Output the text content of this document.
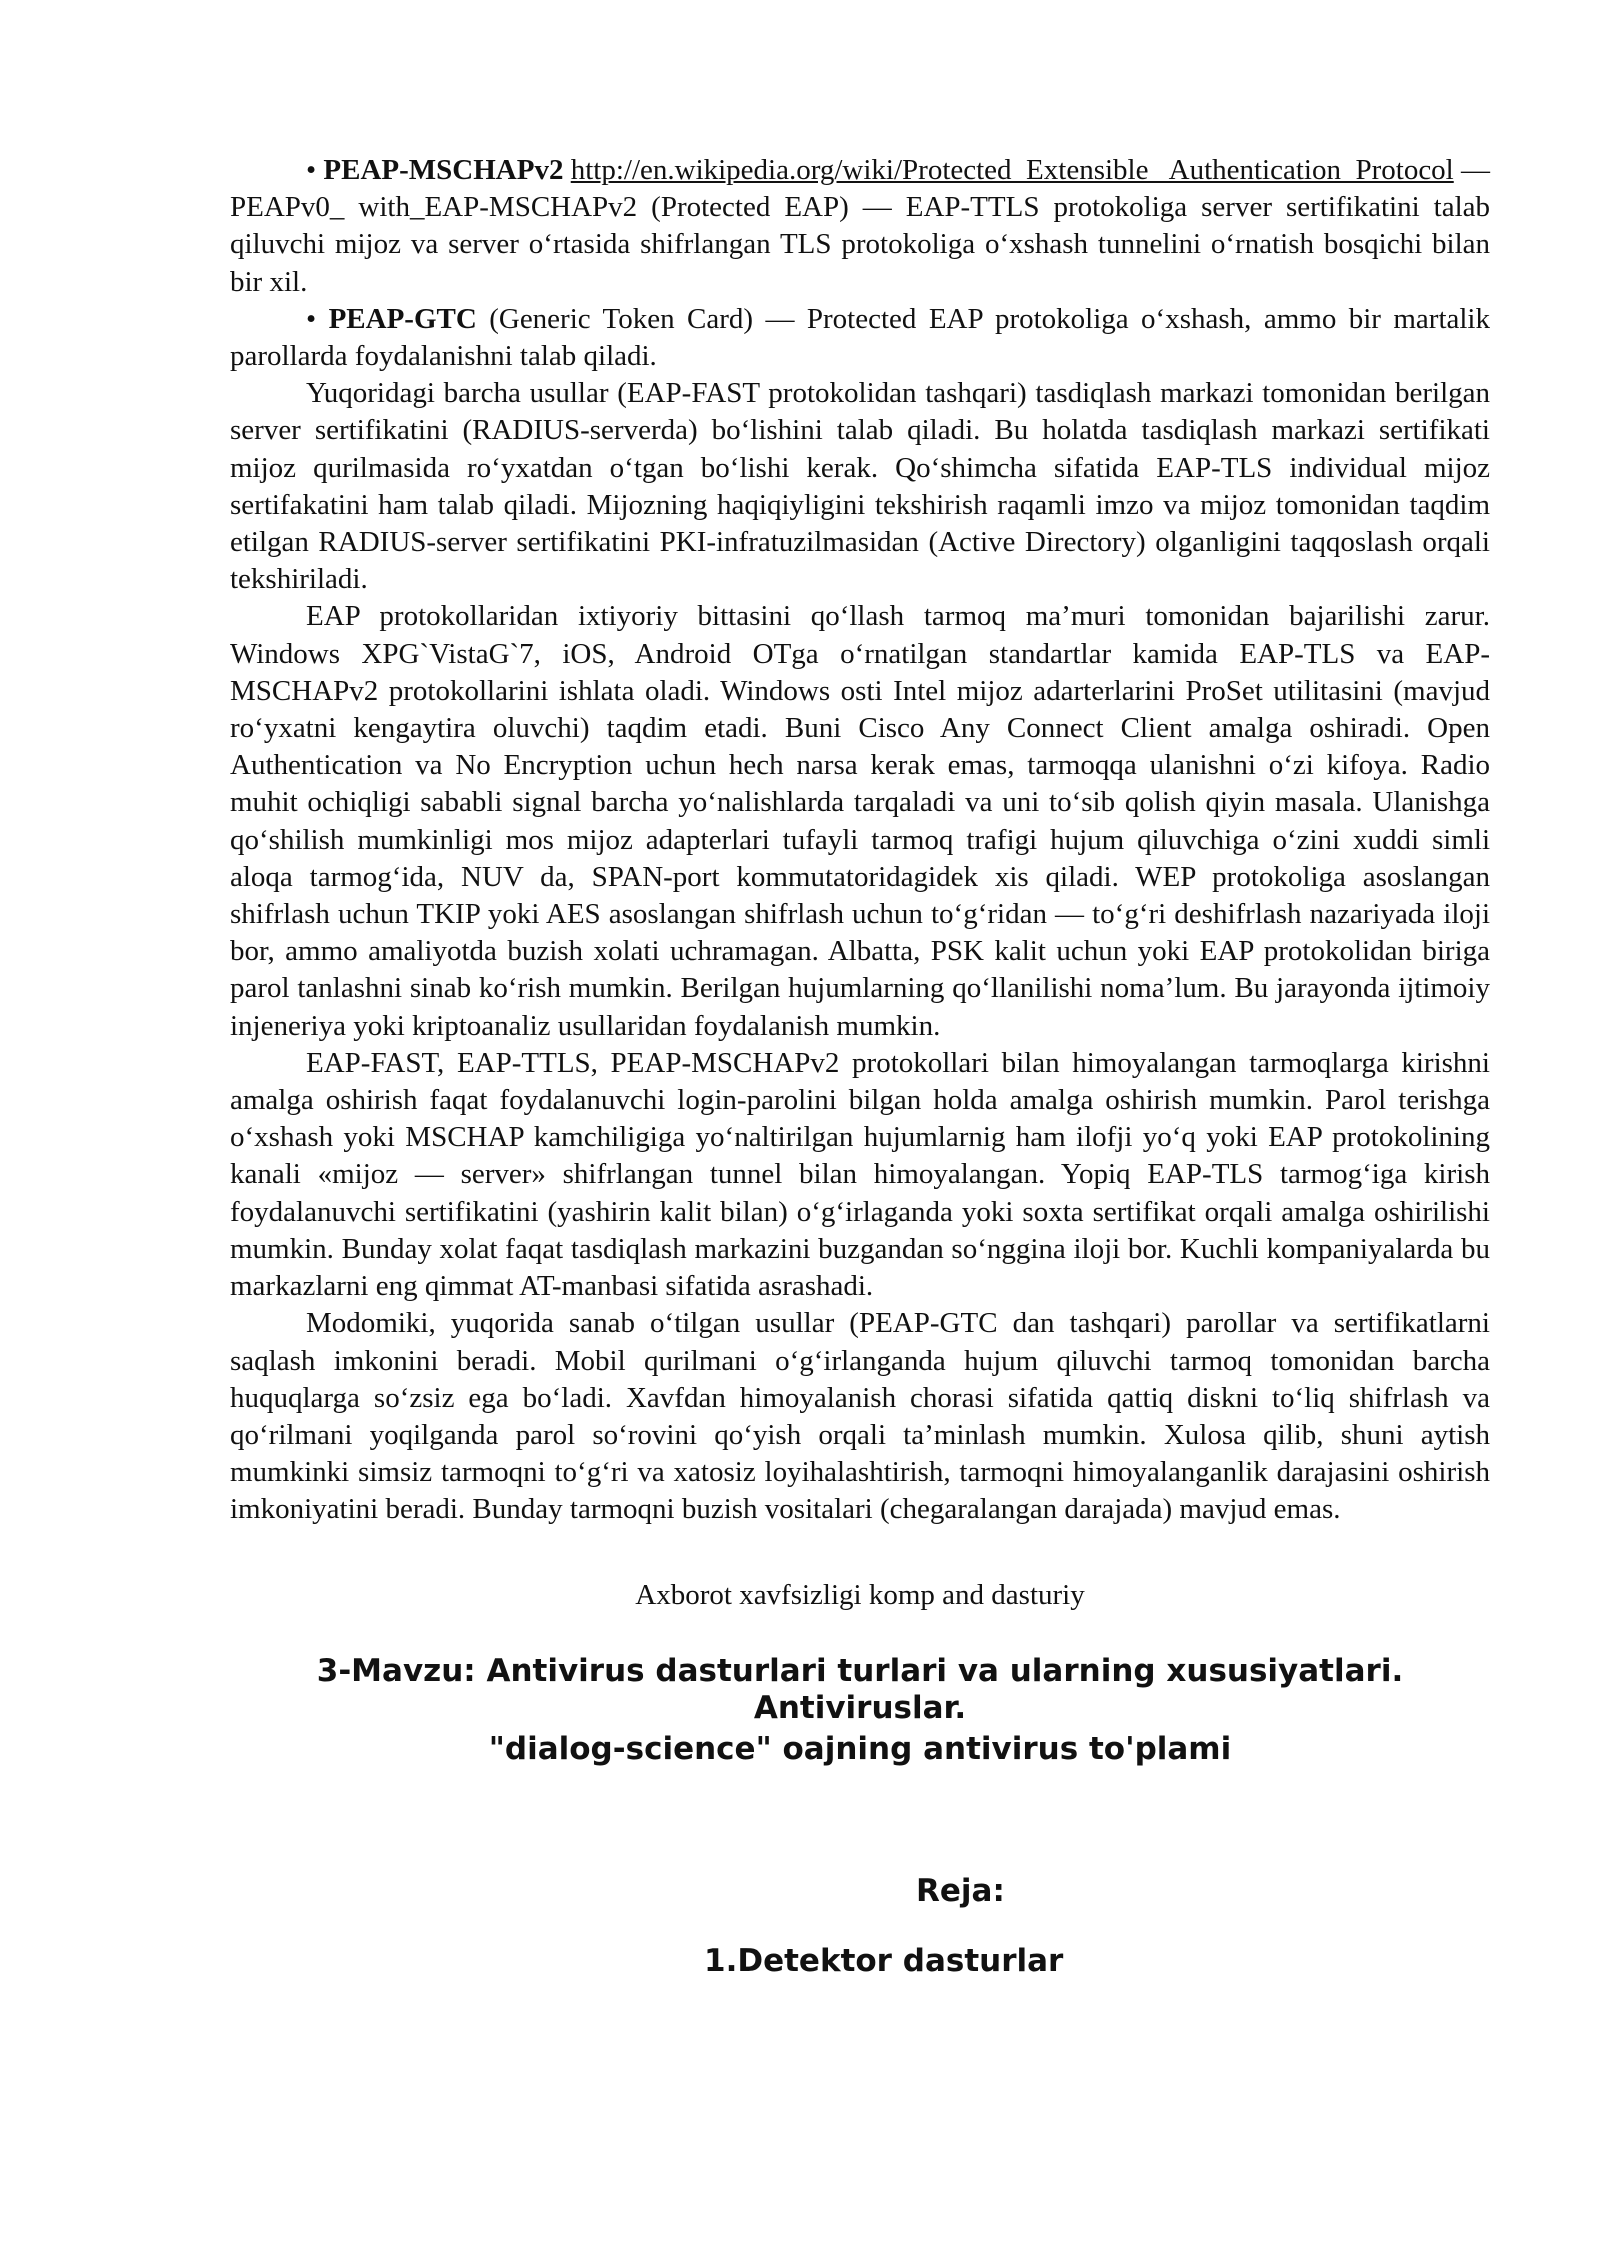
• PEAP-MSCHAPv2 http://en.wikipedia.org/wiki/Protected_Extensible_ Authentication_Protocol — PEAPv0_ with_EAP-MSCHAPv2 (Protected EAP) — EAP-TTLS protokoliga server sertifikatini talab qiluvchi mijoz va server oʻrtasida shifrlangan TLS protokoliga oʻxshash tunnelini oʻrnatish bosqichi bilan bir xil.

• PEAP-GTC (Generic Token Card) — Protected EAP protokoliga oʻxshash, ammo bir martalik parollarda foydalanishni talab qiladi.

Yuqoridagi barcha usullar (EAP-FAST protokolidan tashqari) tasdiqlash markazi tomonidan berilgan server sertifikatini (RADIUS-serverda) boʻlishini talab qiladi. Bu holatda tasdiqlash markazi sertifikati mijoz qurilmasida roʻyxatdan oʻtgan boʻlishi kerak. Qoʻshimcha sifatida EAP-TLS individual mijoz sertifakatini ham talab qiladi. Mijozning haqiqiyligini tekshirish raqamli imzo va mijoz tomonidan taqdim etilgan RADIUS-server sertifikatini PKI-infratuzilmasidan (Active Directory) olganligini taqqoslash orqali tekshiriladi.

EAP protokollaridan ixtiyoriy bittasini qoʻllash tarmoq ma’muri tomonidan bajarilishi zarur. Windows XPG`VistaG`7, iOS, Android OTga oʻrnatilgan standartlar kamida EAP-TLS va EAP-MSCHAPv2 protokollarini ishlata oladi. Windows osti Intel mijoz adarterlarini ProSet utilitasini (mavjud roʻyxatni kengaytira oluvchi) taqdim etadi. Buni Cisco Any Connect Client amalga oshiradi. Open Authentication va No Encryption uchun hech narsa kerak emas, tarmoqqa ulanishni oʻzi kifoya. Radio muhit ochiqligi sababli signal barcha yoʻnalishlarda tarqaladi va uni toʻsib qolish qiyin masala. Ulanishga qoʻshilish mumkinligi mos mijoz adapterlari tufayli tarmoq trafigi hujum qiluvchiga oʻzini xuddi simli aloqa tarmogʻida, NUV da, SPAN-port kommutatoridagidek xis qiladi. WEP protokoliga asoslangan shifrlash uchun TKIP yoki AES asoslangan shifrlash uchun toʻgʻridan — toʻgʻri deshifrlash nazariyada iloji bor, ammo amaliyotda buzish xolati uchramagan. Albatta, PSK kalit uchun yoki EAP protokolidan biriga parol tanlashni sinab koʻrish mumkin. Berilgan hujumlarning qoʻllanilishi noma’lum. Bu jarayonda ijtimoiy injeneriya yoki kriptoanaliz usullaridan foydalanish mumkin.

EAP-FAST, EAP-TTLS, PEAP-MSCHAPv2 protokollari bilan himoyalangan tarmoqlarga kirishni amalga oshirish faqat foydalanuvchi login-parolini bilgan holda amalga oshirish mumkin. Parol terishga oʻxshash yoki MSCHAP kamchiligiga yoʻnaltirilgan hujumlarnig ham ilofji yoʻq yoki EAP protokolining kanali «mijoz — server» shifrlangan tunnel bilan himoyalangan. Yopiq EAP-TLS tarmogʻiga kirish foydalanuvchi sertifikatini (yashirin kalit bilan) oʻgʻirlaganda yoki soxta sertifikat orqali amalga oshirilishi mumkin. Bunday xolat faqat tasdiqlash markazini buzgandan soʻnggina iloji bor. Kuchli kompaniyalarda bu markazlarni eng qimmat AT-manbasi sifatida asrashadi.

Modomiki, yuqorida sanab oʻtilgan usullar (PEAP-GTC dan tashqari) parollar va sertifikatlarni saqlash imkonini beradi. Mobil qurilmani oʻgʻirlanganda hujum qiluvchi tarmoq tomonidan barcha huquqlarga soʻzsiz ega boʻladi. Xavfdan himoyalanish chorasi sifatida qattiq diskni toʻliq shifrlash va qoʻrilmani yoqilganda parol soʻrovini qoʻyish orqali ta’minlash mumkin. Xulosa qilib, shuni aytish mumkinki simsiz tarmoqni toʻgʻri va xatosiz loyihalashtirish, tarmoqni himoyalanganlik darajasini oshirish imkoniyatini beradi. Bunday tarmoqni buzish vositalari (chegaralangan darajada) mavjud emas.

Axborot xavfsizligi komp and dasturiy

3-Mavzu: Antivirus dasturlari turlari va ularning xususiyatlari. Antiviruslar.

"dialog-science" oajning antivirus to'plami

Reja:

1.Detektor dasturlar
